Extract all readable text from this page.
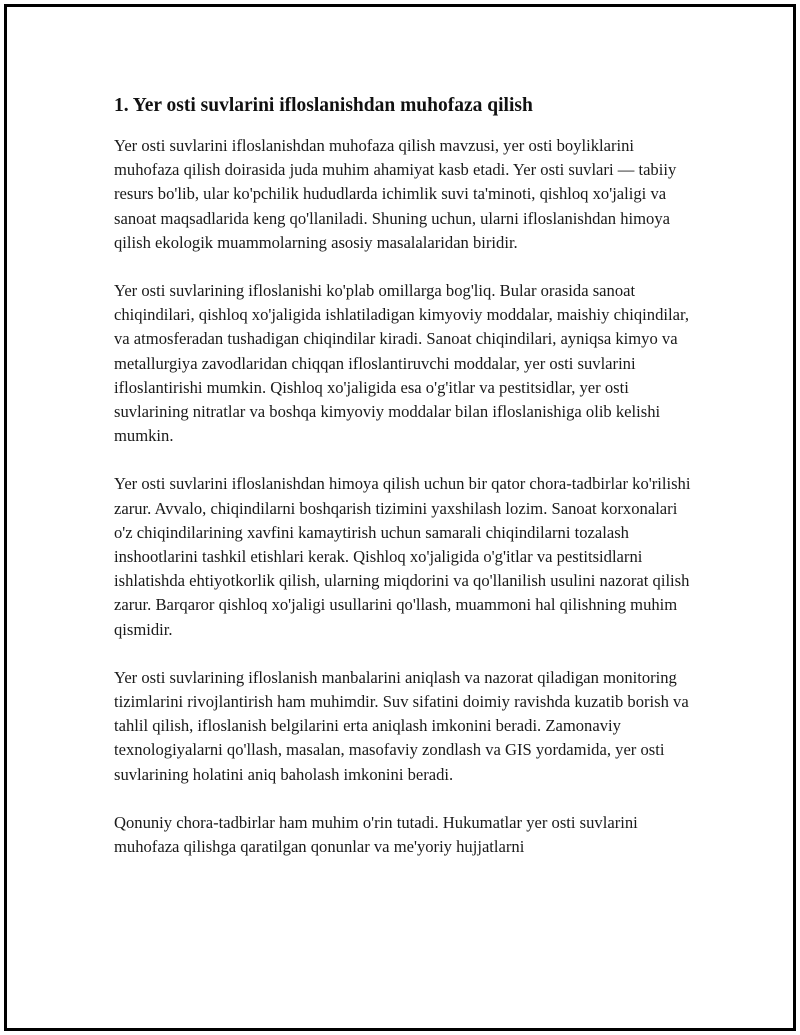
1. Yer osti suvlarini ifloslanishdan muhofaza qilish

Yer osti suvlarini ifloslanishdan muhofaza qilish mavzusi, yer osti boyliklarini muhofaza qilish doirasida juda muhim ahamiyat kasb etadi. Yer osti suvlari — tabiiy resurs bo'lib, ular ko'pchilik hududlarda ichimlik suvi ta'minoti, qishloq xo'jaligi va sanoat maqsadlarida keng qo'llaniladi. Shuning uchun, ularni ifloslanishdan himoya qilish ekologik muammolarning asosiy masalalaridan biridir.

Yer osti suvlarining ifloslanishi ko'plab omillarga bog'liq. Bular orasida sanoat chiqindilari, qishloq xo'jaligida ishlatiladigan kimyoviy moddalar, maishiy chiqindilar, va atmosferadan tushadigan chiqindilar kiradi. Sanoat chiqindilari, ayniqsa kimyo va metallurgiya zavodlaridan chiqqan ifloslantiruvchi moddalar, yer osti suvlarini ifloslantirishi mumkin. Qishloq xo'jaligida esa o'g'itlar va pestitsidlar, yer osti suvlarining nitratlar va boshqa kimyoviy moddalar bilan ifloslanishiga olib kelishi mumkin.

Yer osti suvlarini ifloslanishdan himoya qilish uchun bir qator chora-tadbirlar ko'rilishi zarur. Avvalo, chiqindilarni boshqarish tizimini yaxshilash lozim. Sanoat korxonalari o'z chiqindilarining xavfini kamaytirish uchun samarali chiqindilarni tozalash inshootlarini tashkil etishlari kerak. Qishloq xo'jaligida o'g'itlar va pestitsidlarni ishlatishda ehtiyotkorlik qilish, ularning miqdorini va qo'llanilish usulini nazorat qilish zarur. Barqaror qishloq xo'jaligi usullarini qo'llash, muammoni hal qilishning muhim qismidir.

Yer osti suvlarining ifloslanish manbalarini aniqlash va nazorat qiladigan monitoring tizimlarini rivojlantirish ham muhimdir. Suv sifatini doimiy ravishda kuzatib borish va tahlil qilish, ifloslanish belgilarini erta aniqlash imkonini beradi. Zamonaviy texnologiyalarni qo'llash, masalan, masofaviy zondlash va GIS yordamida, yer osti suvlarining holatini aniq baholash imkonini beradi.

Qonuniy chora-tadbirlar ham muhim o'rin tutadi. Hukumatlar yer osti suvlarini muhofaza qilishga qaratilgan qonunlar va me'yoriy hujjatlarni
